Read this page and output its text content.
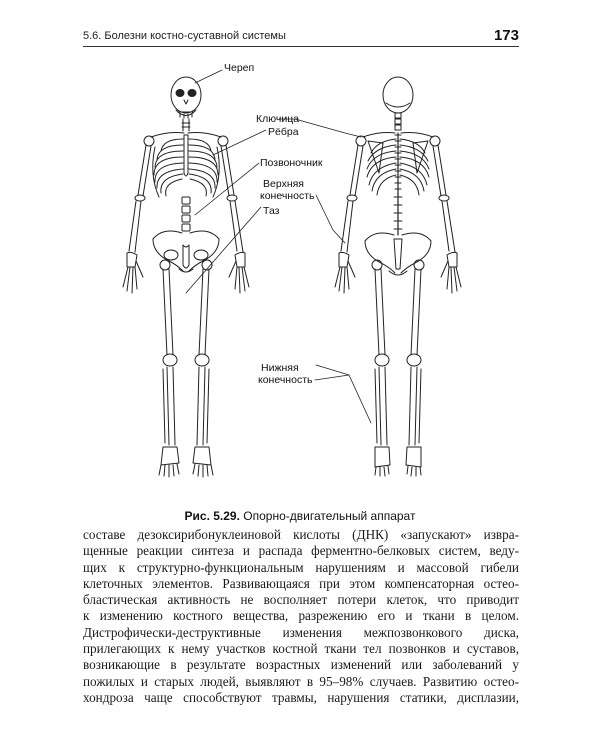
5.6. Болезни костно-суставной системы	173
Череп
Ключица
Рёбра
Позвоночник
Верхняя
конечность
Таз
Нижняя
конечность
Рис. 5.29. Опорно-двигательный аппарат
составе дезоксирибонуклеиновой кислоты (ДНК) «запускают» извра-
щенные реакции синтеза и распада ферментно-белковых систем, веду-
щих к структурно-функциональным нарушениям и массовой гибели
клеточных элементов. Развивающаяся при этом компенсаторная остео-
бластическая активность не восполняет потери клеток, что приводит
к изменению костного вещества, разрежению его и ткани в целом.
Дистрофически-деструктивные изменения межпозвонкового диска,
прилегающих к нему участков костной ткани тел позвонков и суставов,
возникающие в результате возрастных изменений или заболеваний у
пожилых и старых людей, выявляют в 95–98% случаев. Развитию остео-
хондроза чаще способствуют травмы, нарушения статики, дисплазии,
